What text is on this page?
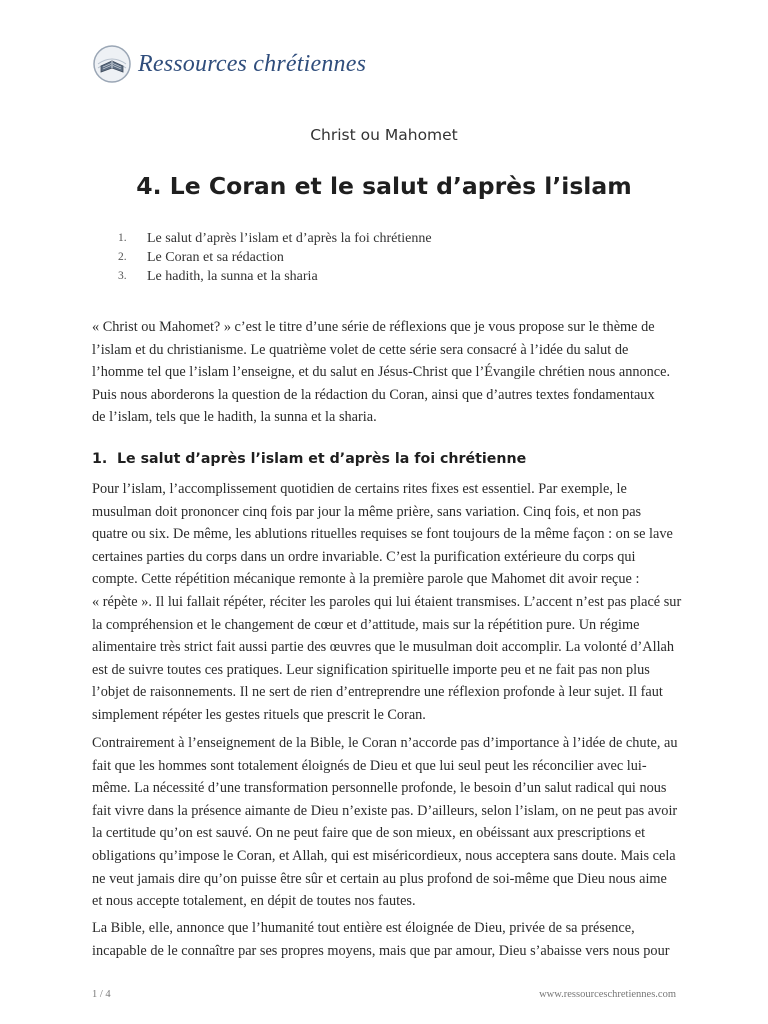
Ressources chrétiennes
Christ ou Mahomet
4. Le Coran et le salut d’après l’islam
1.	Le salut d’après l’islam et d’après la foi chrétienne
2.	Le Coran et sa rédaction
3.	Le hadith, la sunna et la sharia

« Christ ou Mahomet? » c’est le titre d’une série de réflexions que je vous propose sur le thème de
l’islam et du christianisme. Le quatrième volet de cette série sera consacré à l’idée du salut de
l’homme tel que l’islam l’enseigne, et du salut en Jésus-Christ que l’Évangile chrétien nous annonce.
Puis nous aborderons la question de la rédaction du Coran, ainsi que d’autres textes fondamentaux
de l’islam, tels que le hadith, la sunna et la sharia.

1. Le salut d’après l’islam et d’après la foi chrétienne

Pour l’islam, l’accomplissement quotidien de certains rites fixes est essentiel. Par exemple, le
musulman doit prononcer cinq fois par jour la même prière, sans variation. Cinq fois, et non pas
quatre ou six. De même, les ablutions rituelles requises se font toujours de la même façon : on se lave
certaines parties du corps dans un ordre invariable. C’est la purification extérieure du corps qui
compte. Cette répétition mécanique remonte à la première parole que Mahomet dit avoir reçue :
« répète ». Il lui fallait répéter, réciter les paroles qui lui étaient transmises. L’accent n’est pas placé sur
la compréhension et le changement de cœur et d’attitude, mais sur la répétition pure. Un régime
alimentaire très strict fait aussi partie des œuvres que le musulman doit accomplir. La volonté d’Allah
est de suivre toutes ces pratiques. Leur signification spirituelle importe peu et ne fait pas non plus
l’objet de raisonnements. Il ne sert de rien d’entreprendre une réflexion profonde à leur sujet. Il faut
simplement répéter les gestes rituels que prescrit le Coran.

Contrairement à l’enseignement de la Bible, le Coran n’accorde pas d’importance à l’idée de chute, au
fait que les hommes sont totalement éloignés de Dieu et que lui seul peut les réconcilier avec lui-
même. La nécessité d’une transformation personnelle profonde, le besoin d’un salut radical qui nous
fait vivre dans la présence aimante de Dieu n’existe pas. D’ailleurs, selon l’islam, on ne peut pas avoir
la certitude qu’on est sauvé. On ne peut faire que de son mieux, en obéissant aux prescriptions et
obligations qu’impose le Coran, et Allah, qui est miséricordieux, nous acceptera sans doute. Mais cela
ne veut jamais dire qu’on puisse être sûr et certain au plus profond de soi-même que Dieu nous aime
et nous accepte totalement, en dépit de toutes nos fautes.

La Bible, elle, annonce que l’humanité tout entière est éloignée de Dieu, privée de sa présence,
incapable de le connaître par ses propres moyens, mais que par amour, Dieu s’abaisse vers nous pour

1 / 4	www.ressourceschretiennes.com
